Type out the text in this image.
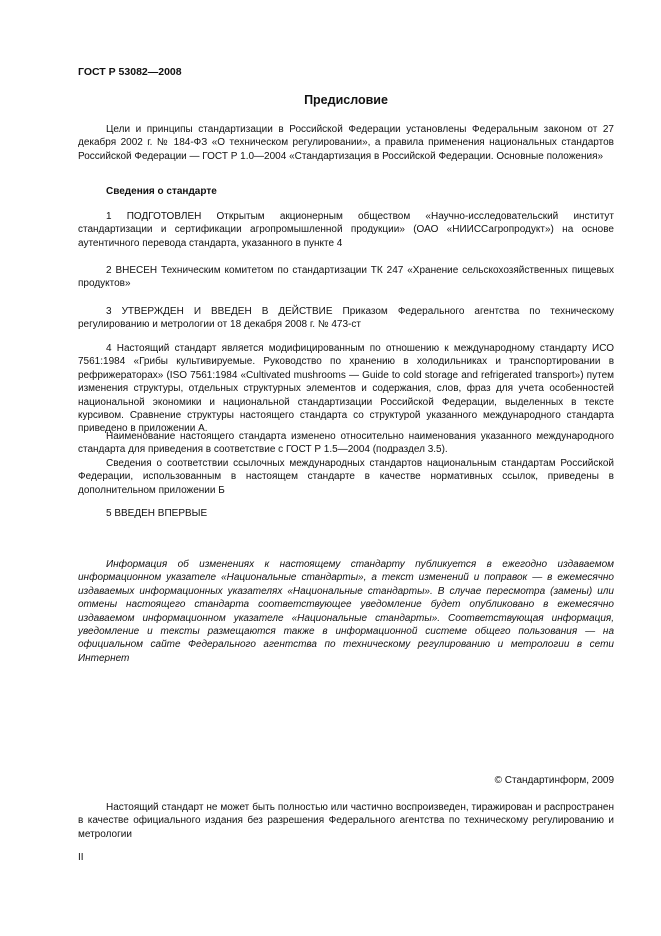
ГОСТ Р 53082—2008

Предисловие

Цели и принципы стандартизации в Российской Федерации установлены Федеральным законом от 27 декабря 2002 г. № 184-ФЗ «О техническом регулировании», а правила применения национальных стандартов Российской Федерации — ГОСТ Р 1.0—2004 «Стандартизация в Российской Федерации. Основные положения»

Сведения о стандарте

1 ПОДГОТОВЛЕН Открытым акционерным обществом «Научно-исследовательский институт стандартизации и сертификации агропромышленной продукции» (ОАО «НИИССагропродукт») на основе аутентичного перевода стандарта, указанного в пункте 4

2 ВНЕСЕН Техническим комитетом по стандартизации ТК 247 «Хранение сельскохозяйственных пищевых продуктов»

3 УТВЕРЖДЕН И ВВЕДЕН В ДЕЙСТВИЕ Приказом Федерального агентства по техническому регулированию и метрологии от 18 декабря 2008 г. № 473-ст

4 Настоящий стандарт является модифицированным по отношению к международному стандарту ИСО 7561:1984 «Грибы культивируемые. Руководство по хранению в холодильниках и транспортировании в рефрижераторах» (ISO 7561:1984 «Cultivated mushrooms — Guide to cold storage and refrigerated transport») путем изменения структуры, отдельных структурных элементов и содержания, слов, фраз для учета особенностей национальной экономики и национальной стандартизации Российской Федерации, выделенных в тексте курсивом. Сравнение структуры настоящего стандарта со структурой указанного международного стандарта приведено в приложении А.

Наименование настоящего стандарта изменено относительно наименования указанного международного стандарта для приведения в соответствие с ГОСТ Р 1.5—2004 (подраздел 3.5).

Сведения о соответствии ссылочных международных стандартов национальным стандартам Российской Федерации, использованным в настоящем стандарте в качестве нормативных ссылок, приведены в дополнительном приложении Б

5 ВВЕДЕН ВПЕРВЫЕ

Информация об изменениях к настоящему стандарту публикуется в ежегодно издаваемом информационном указателе «Национальные стандарты», а текст изменений и поправок — в ежемесячно издаваемых информационных указателях «Национальные стандарты». В случае пересмотра (замены) или отмены настоящего стандарта соответствующее уведомление будет опубликовано в ежемесячно издаваемом информационном указателе «Национальные стандарты». Соответствующая информация, уведомление и тексты размещаются также в информационной системе общего пользования — на официальном сайте Федерального агентства по техническому регулированию и метрологии в сети Интернет

© Стандартинформ, 2009

Настоящий стандарт не может быть полностью или частично воспроизведен, тиражирован и распространен в качестве официального издания без разрешения Федерального агентства по техническому регулированию и метрологии

II
